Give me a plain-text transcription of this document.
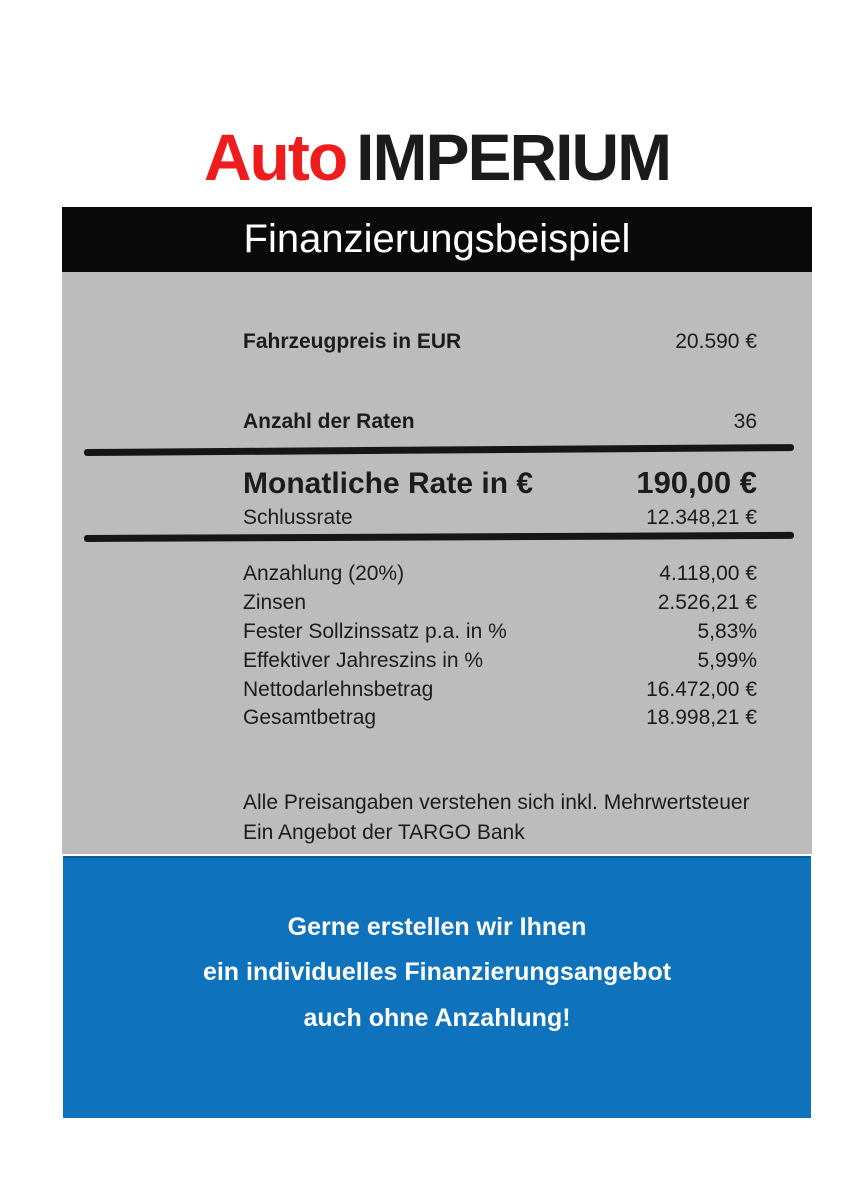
Auto IMPERIUM
Finanzierungsbeispiel
Fahrzeugpreis in EUR	20.590 €
Anzahl der Raten	36
Monatliche Rate in €	190,00 €
Schlussrate	12.348,21 €
Anzahlung (20%)	4.118,00 €
Zinsen	2.526,21 €
Fester Sollzinssatz p.a. in %	5,83%
Effektiver Jahreszins in %	5,99%
Nettodarlehnsbetrag	16.472,00 €
Gesamtbetrag	18.998,21 €
Alle Preisangaben verstehen sich inkl. Mehrwertsteuer
Ein Angebot der TARGO Bank
Gerne erstellen wir Ihnen
ein individuelles Finanzierungsangebot
auch ohne Anzahlung!
